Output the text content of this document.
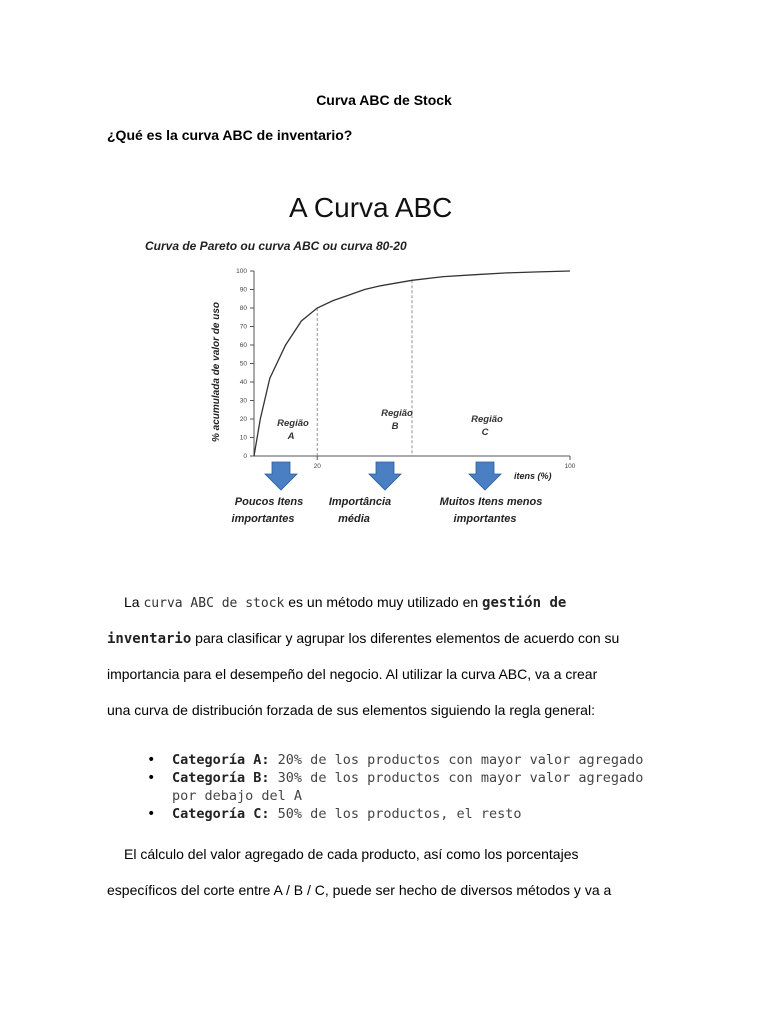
Curva ABC de Stock
¿Qué es la curva ABC de inventario?
A Curva ABC
Curva de Pareto ou curva ABC ou curva 80-20
0
10
20
30
40
50
60
70
80
90
100
20	100
itens (%)
% acumulada de valor de uso	Região
A
Região
B
Região
C
Poucos Itens
importantes
Importância
média
Muitos Itens menos
importantes
La curva ABC de stock es un método muy utilizado en gestión de
inventario para clasificar y agrupar los diferentes elementos de acuerdo con su
importancia para el desempeño del negocio. Al utilizar la curva ABC, va a crear
una curva de distribución forzada de sus elementos siguiendo la regla general:
• Categoría A: 20% de los productos con mayor valor agregado
• Categoría B: 30% de los productos con mayor valor agregado por debajo del A
• Categoría C: 50% de los productos, el resto
El cálculo del valor agregado de cada producto, así como los porcentajes
específicos del corte entre A / B / C, puede ser hecho de diversos métodos y va a
